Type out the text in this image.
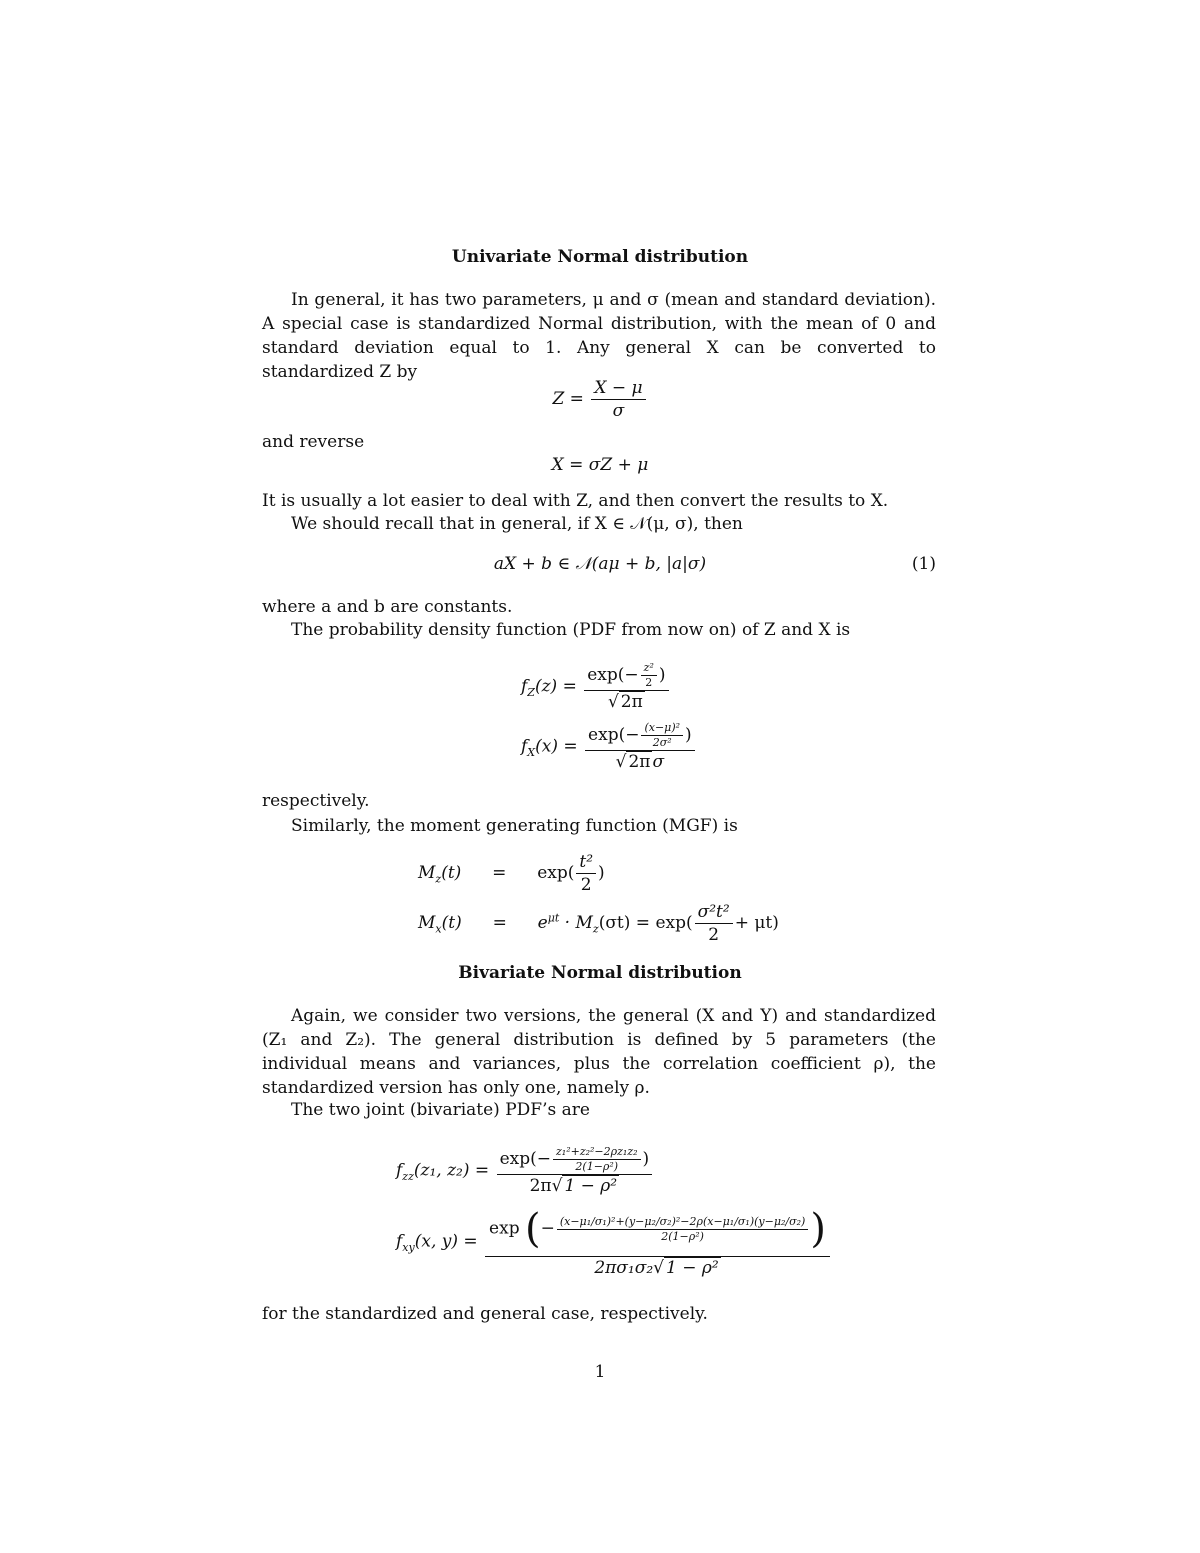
Univariate Normal distribution
In general, it has two parameters, μ and σ (mean and standard deviation). A special case is standardized Normal distribution, with the mean of 0 and standard deviation equal to 1. Any general X can be converted to standardized Z by
$Z = \frac{X - \mu}{\sigma}$
and reverse
X = σZ + μ
It is usually a lot easier to deal with Z, and then convert the results to X.
We should recall that in general, if X ∈ 𝒩(μ, σ), then
aX + b ∈ 𝒩(aμ + b, |a|σ)	(1)
where a and b are constants.
The probability density function (PDF from now on) of Z and X is
$f_Z(z) = \frac{\exp(- \frac{\text{z²}}{2} )}{√ 2\pi}$
$f_X(x) = \frac{\exp(- \frac{\text{(x−μ)²}}{\text{2σ²}} )}{\text{√ 2π σ}}$
respectively.
Similarly, the moment generating function (MGF) is
$M_z(t) = \exp( \frac{\text{t²}}{2}$ )
$M_x(t) = e^{\mu t} \cdot M_z(\sigma t) = \exp( \frac{\text{σ²t²}}{2} + \mu t)$
Bivariate Normal distribution
Again, we consider two versions, the general (X and Y) and standardized (Z₁ and Z₂). The general distribution is defined by 5 parameters (the individual means and variances, plus the correlation coefficient ρ), the standardized version has only one, namely ρ.
The two joint (bivariate) PDF’s are
$f_{zz}(z_1$, $z_2) = \frac{\exp(- \frac{\text{z₁²+z₂²−2ρz₁z₂}}{\text{2(1−ρ²)}} )}{\text{2π√ 1 − ρ²}}$
$f_{xy}(x$, y) =
exp (− $\frac{\text{(x−μ₁/σ₁)²+(y−μ₂/σ₂)²−2ρ(x−μ₁/σ₁)(y−μ₂/σ₂)}}{\text{2(1−ρ²)}}$ )
2πσ₁σ₂√ 1 − ρ²
for the standardized and general case, respectively.
1
